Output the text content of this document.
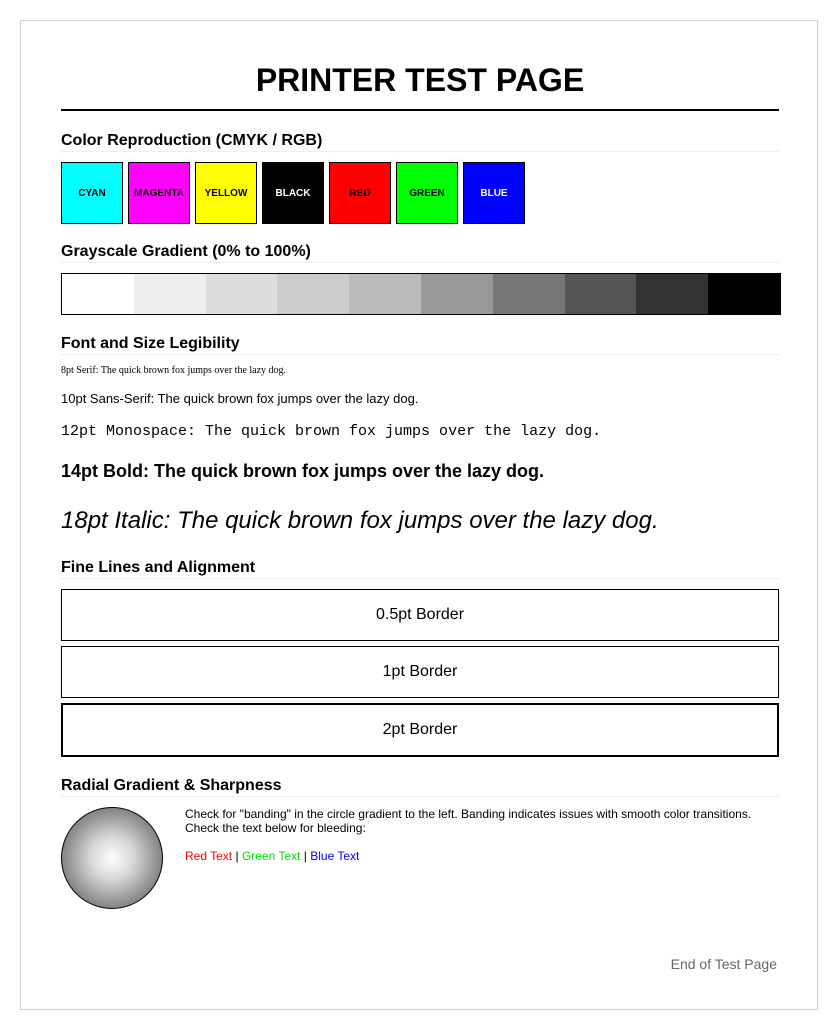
PRINTER TEST PAGE
Color Reproduction (CMYK / RGB)
CYAN	MAGENTA	YELLOW	BLACK	RED	GREEN	BLUE
Grayscale Gradient (0% to 100%)
Font and Size Legibility
8pt Serif: The quick brown fox jumps over the lazy dog.
10pt Sans-Serif: The quick brown fox jumps over the lazy dog.
12pt Monospace: The quick brown fox jumps over the lazy dog.
14pt Bold: The quick brown fox jumps over the lazy dog.
18pt Italic: The quick brown fox jumps over the lazy dog.
Fine Lines and Alignment
0.5pt Border
1pt Border
2pt Border
Radial Gradient & Sharpness
Check for "banding" in the circle gradient to the left. Banding indicates issues with smooth color transitions. Check the text below for bleeding:
Red Text | Green Text | Blue Text
End of Test Page
